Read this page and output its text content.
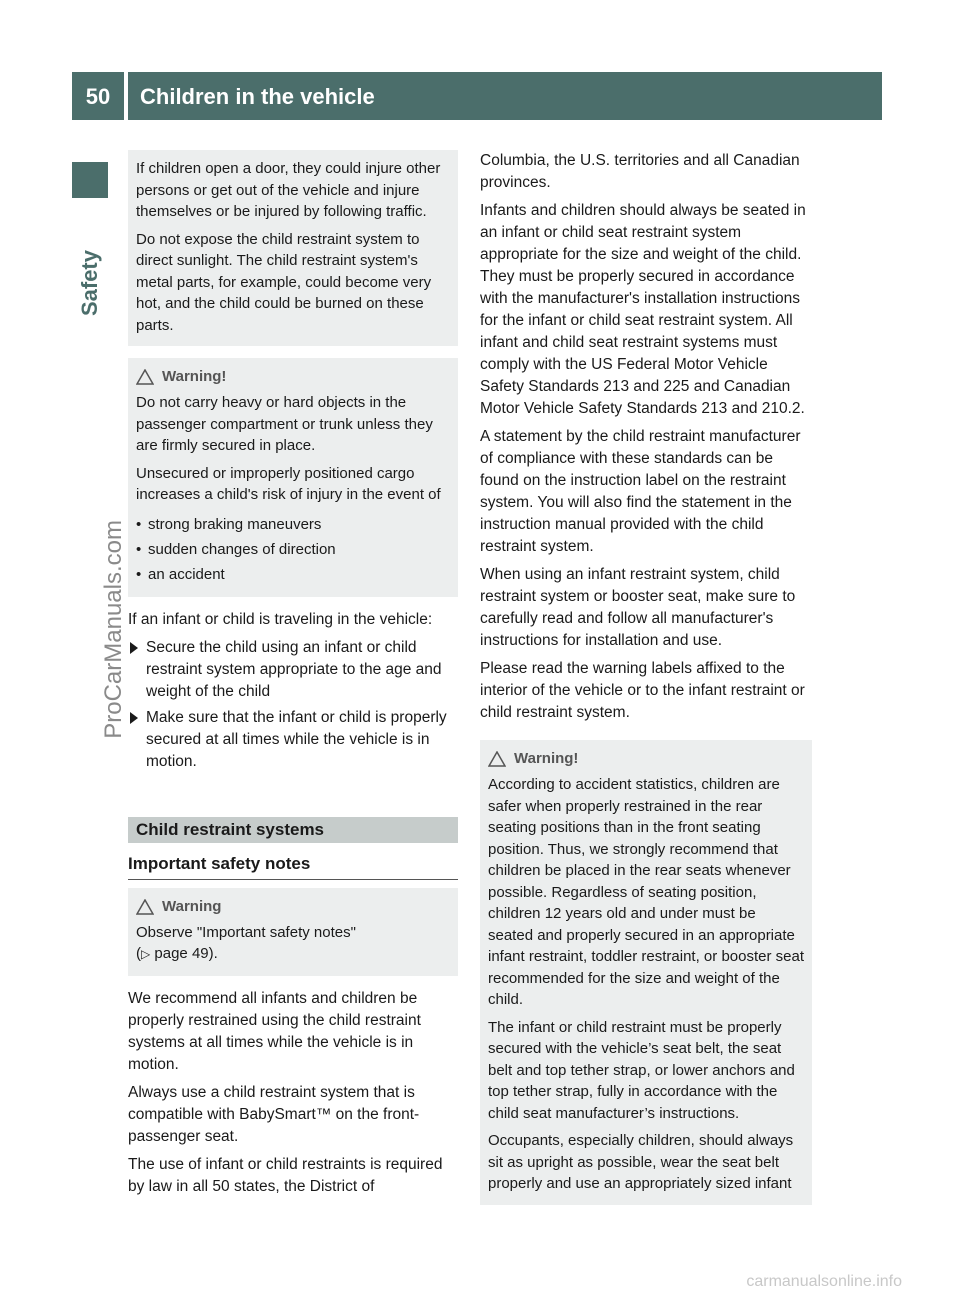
50	Children in the vehicle
Safety
ProCarManuals.com

If children open a door, they could injure other persons or get out of the vehicle and injure themselves or be injured by following traffic.

Do not expose the child restraint system to direct sunlight. The child restraint system's metal parts, for example, could become very hot, and the child could be burned on these parts.

Warning!

Do not carry heavy or hard objects in the passenger compartment or trunk unless they are firmly secured in place.

Unsecured or improperly positioned cargo increases a child's risk of injury in the event of

• strong braking maneuvers
• sudden changes of direction
• an accident

If an infant or child is traveling in the vehicle:

Secure the child using an infant or child restraint system appropriate to the age and weight of the child
Make sure that the infant or child is properly secured at all times while the vehicle is in motion.
Child restraint systems
Important safety notes
Warning

Observe "Important safety notes"
(▷ page 49).

We recommend all infants and children be properly restrained using the child restraint systems at all times while the vehicle is in motion.

Always use a child restraint system that is compatible with BabySmart™ on the front-passenger seat.

The use of infant or child restraints is required by law in all 50 states, the District of

Columbia, the U.S. territories and all Canadian provinces.

Infants and children should always be seated in an infant or child seat restraint system appropriate for the size and weight of the child. They must be properly secured in accordance with the manufacturer's installation instructions for the infant or child seat restraint system. All infant and child seat restraint systems must comply with the US Federal Motor Vehicle Safety Standards 213 and 225 and Canadian Motor Vehicle Safety Standards 213 and 210.2.

A statement by the child restraint manufacturer of compliance with these standards can be found on the instruction label on the restraint system. You will also find the statement in the instruction manual provided with the child restraint system.

When using an infant restraint system, child restraint system or booster seat, make sure to carefully read and follow all manufacturer's instructions for installation and use.

Please read the warning labels affixed to the interior of the vehicle or to the infant restraint or child restraint system.

Warning!

According to accident statistics, children are safer when properly restrained in the rear seating positions than in the front seating position. Thus, we strongly recommend that children be placed in the rear seats whenever possible. Regardless of seating position, children 12 years old and under must be seated and properly secured in an appropriate infant restraint, toddler restraint, or booster seat recommended for the size and weight of the child.

The infant or child restraint must be properly secured with the vehicle’s seat belt, the seat belt and top tether strap, or lower anchors and top tether strap, fully in accordance with the child seat manufacturer’s instructions.

Occupants, especially children, should always sit as upright as possible, wear the seat belt properly and use an appropriately sized infant

carmanualsonline.info
